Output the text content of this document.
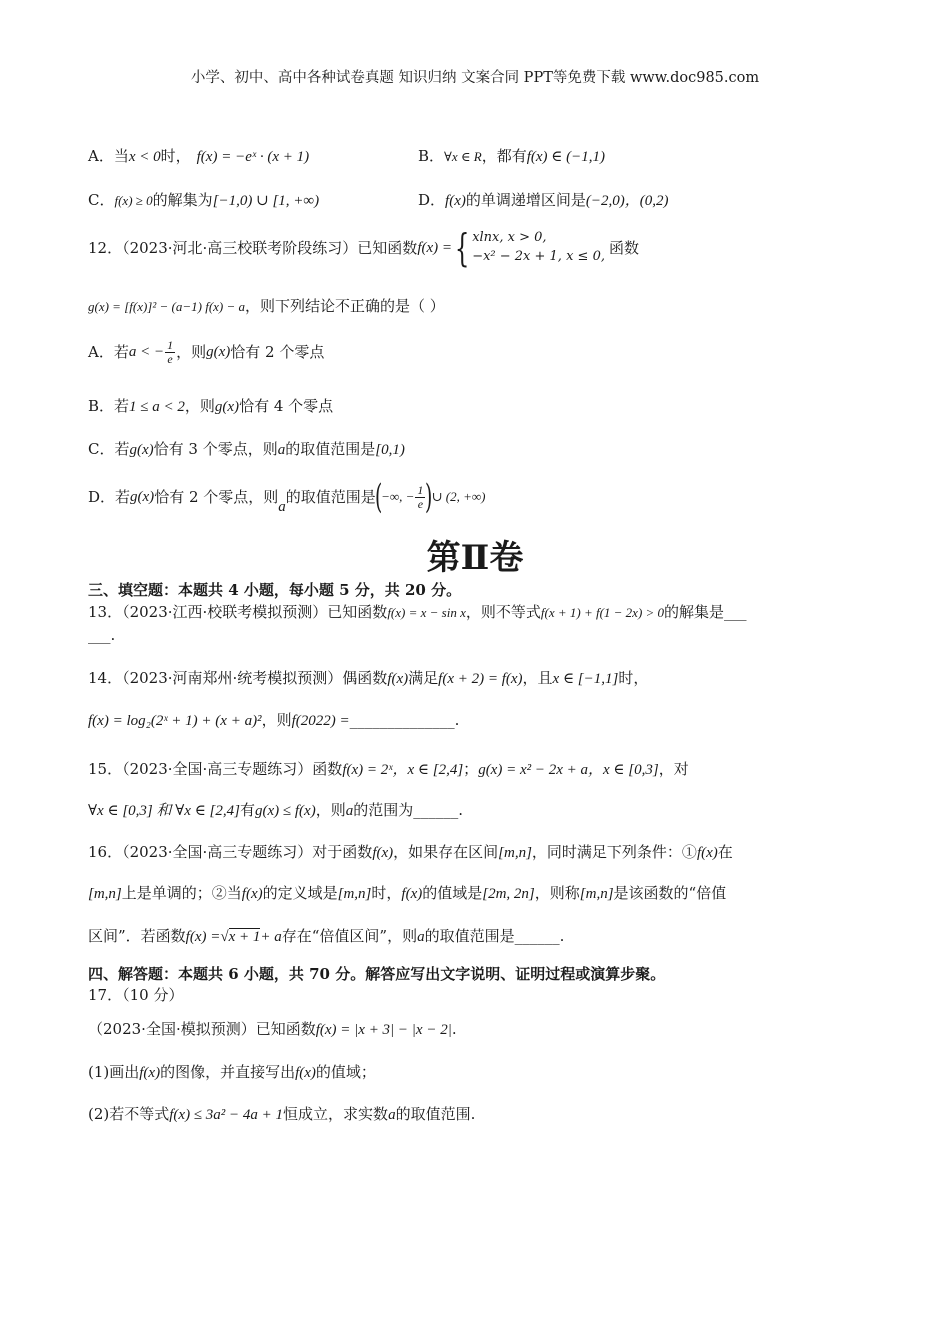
小学、初中、高中各种试卷真题 知识归纳 文案合同 PPT等免费下载 www.doc985.com
A．当x < 0时， f(x) = −eˣ · (x + 1)	B．∀x ∈ R，都有f(x) ∈ (−1,1)
C．f(x) ≥ 0的解集为[−1,0) ∪ [1, +∞)	D．f(x)的单调递增区间是(−2,0)，(0,2)
12．（2023·河北·高三校联考阶段练习）已知函数f(x) ={ xlnx, x > 0,
−x² − 2x + 1, x ≤ 0, 函数
g(x) = [f(x)]² − (a−1) f(x) − a，则下列结论不正确的是（ ）
A．若a < − $\frac{1}{e}$ ，则g(x)恰有 2 个零点
B．若1 ≤ a < 2，则g(x)恰有 4 个零点
C．若g(x)恰有 3 个零点，则a的取值范围是[0,1)
D．若g(x)恰有 2 个零点，则a的取值范围是(−∞, − $\frac{1}{e}$ )∪ (2, +∞)
第Ⅱ卷
三、填空题：本题共 4 小题，每小题 5 分，共 20 分。
13．（2023·江西·校联考模拟预测）已知函数f(x) = x − sin x，则不等式f(x + 1) + f(1 − 2x) > 0的解集是___
___.
14．（2023·河南郑州·统考模拟预测）偶函数f(x)满足f(x + 2) = f(x)，且x ∈ [−1,1]时，
f(x) = log₂(2ˣ + 1) + (x + a)²，则f(2022) =______________.
15．（2023·全国·高三专题练习）函数f(x) = 2ˣ，x ∈ [2,4]；g(x) = x² − 2x + a，x ∈ [0,3]，对
∀x ∈ [0,3] 和 ∀x ∈ [2,4]有g(x) ≤ f(x)，则a的范围为______.
16．（2023·全国·高三专题练习）对于函数f(x)，如果存在区间[m,n]，同时满足下列条件：①f(x)在
[m,n]上是单调的；②当f(x)的定义域是[m,n]时，f(x)的值域是[2m, 2n]，则称[m,n]是该函数的“倍值
区间”．若函数f(x) =√x + 1+ a存在“倍值区间”，则a的取值范围是______.
四、解答题：本题共 6 小题，共 70 分。解答应写出文字说明、证明过程或演算步聚。
17．（10 分）
（2023·全国·模拟预测）已知函数f(x) = |x + 3| − |x − 2|.
(1)画出f(x)的图像，并直接写出f(x)的值域；
(2)若不等式f(x) ≤ 3a² − 4a + 1恒成立，求实数a的取值范围.
